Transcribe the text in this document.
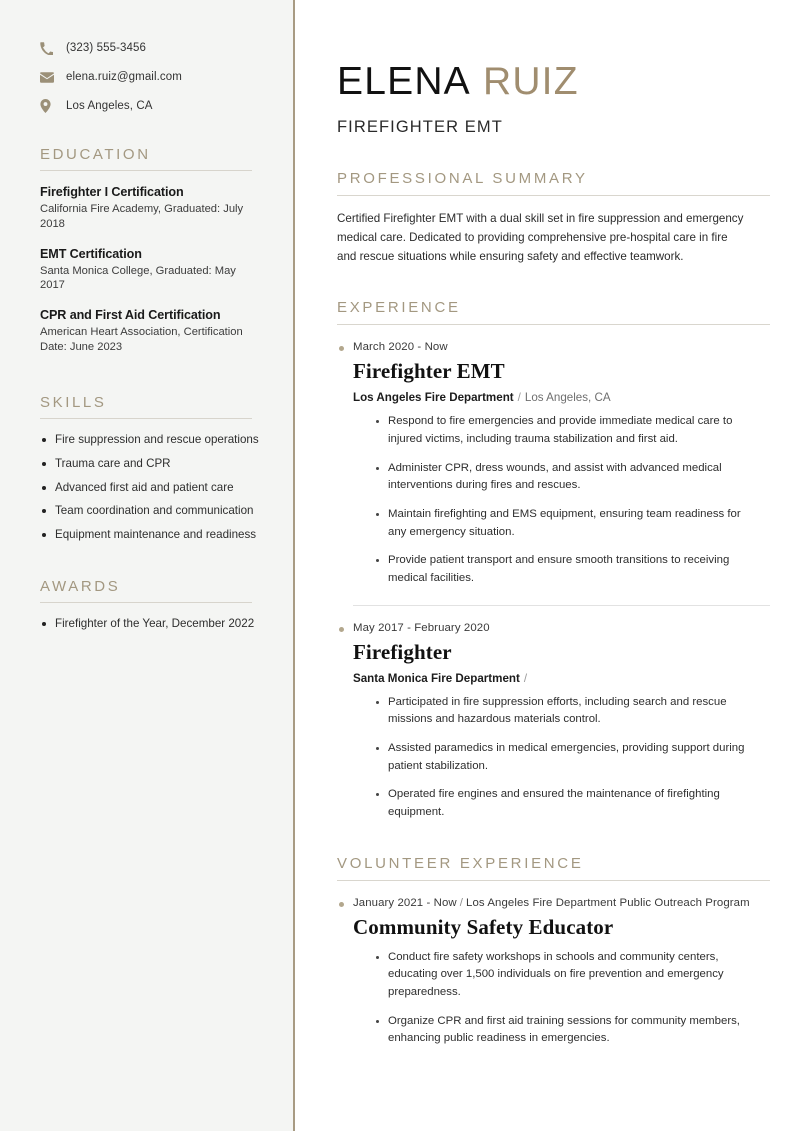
(323) 555-3456
elena.ruiz@gmail.com
Los Angeles, CA
EDUCATION
Firefighter I Certification
California Fire Academy, Graduated: July 2018
EMT Certification
Santa Monica College, Graduated: May 2017
CPR and First Aid Certification
American Heart Association, Certification Date: June 2023
SKILLS
Fire suppression and rescue operations
Trauma care and CPR
Advanced first aid and patient care
Team coordination and communication
Equipment maintenance and readiness
AWARDS
Firefighter of the Year, December 2022
ELENA RUIZ
FIREFIGHTER EMT
PROFESSIONAL SUMMARY

Certified Firefighter EMT with a dual skill set in fire suppression and emergency medical care. Dedicated to providing comprehensive pre-hospital care in fire and rescue situations while ensuring safety and effective teamwork.

EXPERIENCE
March 2020 - Now
Firefighter EMT
Los Angeles Fire Department / Los Angeles, CA
Respond to fire emergencies and provide immediate medical care to injured victims, including trauma stabilization and first aid.
Administer CPR, dress wounds, and assist with advanced medical interventions during fires and rescues.
Maintain firefighting and EMS equipment, ensuring team readiness for any emergency situation.
Provide patient transport and ensure smooth transitions to receiving medical facilities.
May 2017 - February 2020
Firefighter
Santa Monica Fire Department /
Participated in fire suppression efforts, including search and rescue missions and hazardous materials control.
Assisted paramedics in medical emergencies, providing support during patient stabilization.
Operated fire engines and ensured the maintenance of firefighting equipment.
VOLUNTEER EXPERIENCE
January 2021 - Now / Los Angeles Fire Department Public Outreach Program
Community Safety Educator
Conduct fire safety workshops in schools and community centers, educating over 1,500 individuals on fire prevention and emergency preparedness.
Organize CPR and first aid training sessions for community members, enhancing public readiness in emergencies.
